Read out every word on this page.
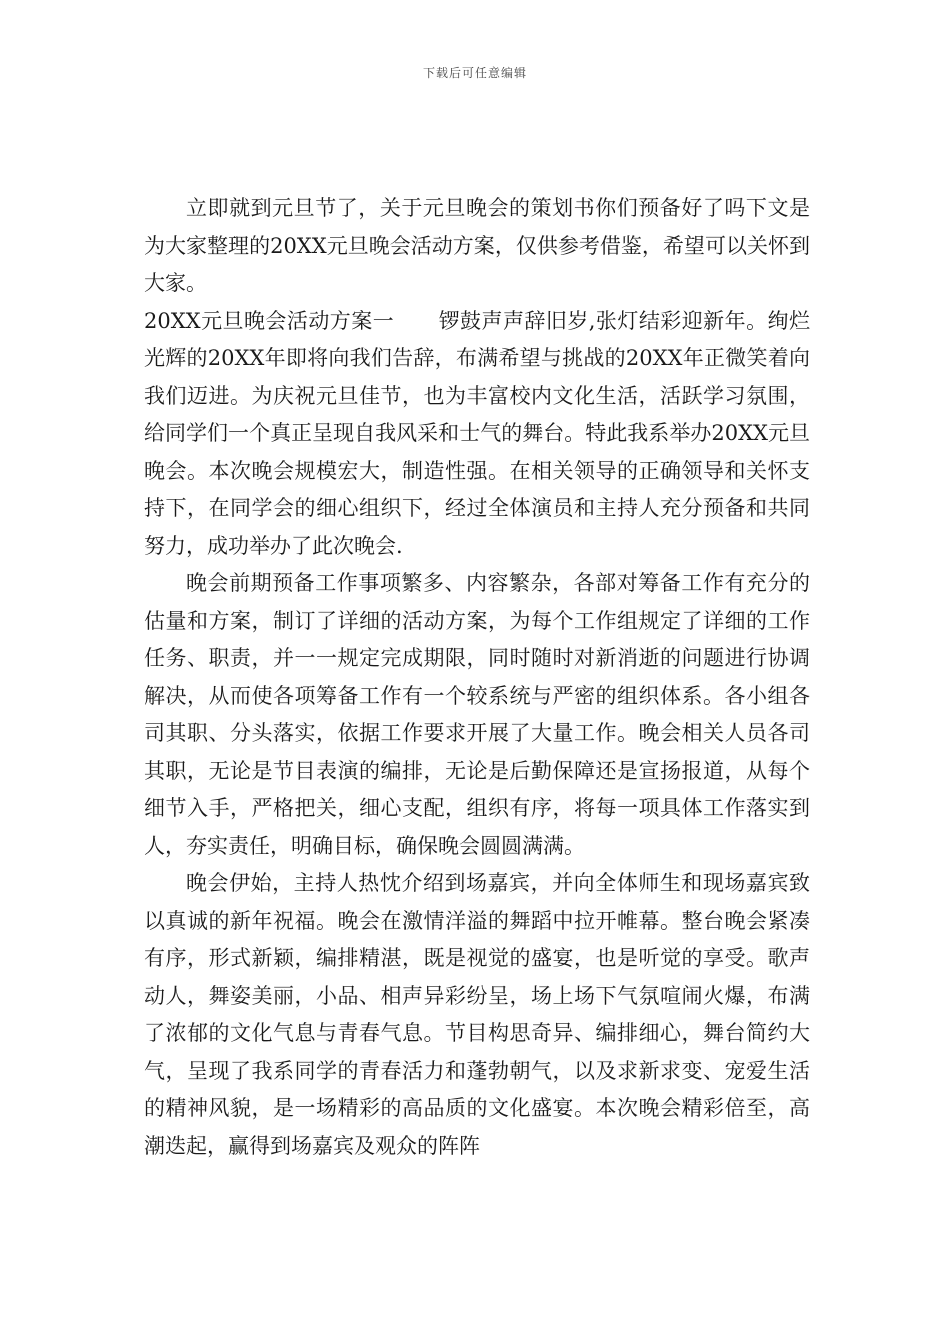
下载后可任意编辑

立即就到元旦节了，关于元旦晚会的策划书你们预备好了吗下文是为大家整理的20XX元旦晚会活动方案，仅供参考借鉴，希望可以关怀到大家。

20XX元旦晚会活动方案一 锣鼓声声辞旧岁,张灯结彩迎新年。绚烂光辉的20XX年即将向我们告辞，布满希望与挑战的20XX年正微笑着向我们迈进。为庆祝元旦佳节，也为丰富校内文化生活，活跃学习氛围，给同学们一个真正呈现自我风采和士气的舞台。特此我系举办20XX元旦晚会。本次晚会规模宏大，制造性强。在相关领导的正确领导和关怀支持下，在同学会的细心组织下，经过全体演员和主持人充分预备和共同努力，成功举办了此次晚会.

晚会前期预备工作事项繁多、内容繁杂，各部对筹备工作有充分的估量和方案，制订了详细的活动方案，为每个工作组规定了详细的工作任务、职责，并一一规定完成期限，同时随时对新消逝的问题进行协调解决，从而使各项筹备工作有一个较系统与严密的组织体系。各小组各司其职、分头落实，依据工作要求开展了大量工作。晚会相关人员各司其职，无论是节目表演的编排，无论是后勤保障还是宣扬报道，从每个细节入手，严格把关，细心支配，组织有序，将每一项具体工作落实到人，夯实责任，明确目标，确保晚会圆圆满满。

晚会伊始，主持人热忱介绍到场嘉宾，并向全体师生和现场嘉宾致以真诚的新年祝福。晚会在激情洋溢的舞蹈中拉开帷幕。整台晚会紧凑有序，形式新颖，编排精湛，既是视觉的盛宴，也是听觉的享受。歌声动人，舞姿美丽，小品、相声异彩纷呈，场上场下气氛喧闹火爆，布满了浓郁的文化气息与青春气息。节目构思奇异、编排细心，舞台简约大气，呈现了我系同学的青春活力和蓬勃朝气，以及求新求变、宠爱生活的精神风貌，是一场精彩的高品质的文化盛宴。本次晚会精彩倍至，高潮迭起，赢得到场嘉宾及观众的阵阵
